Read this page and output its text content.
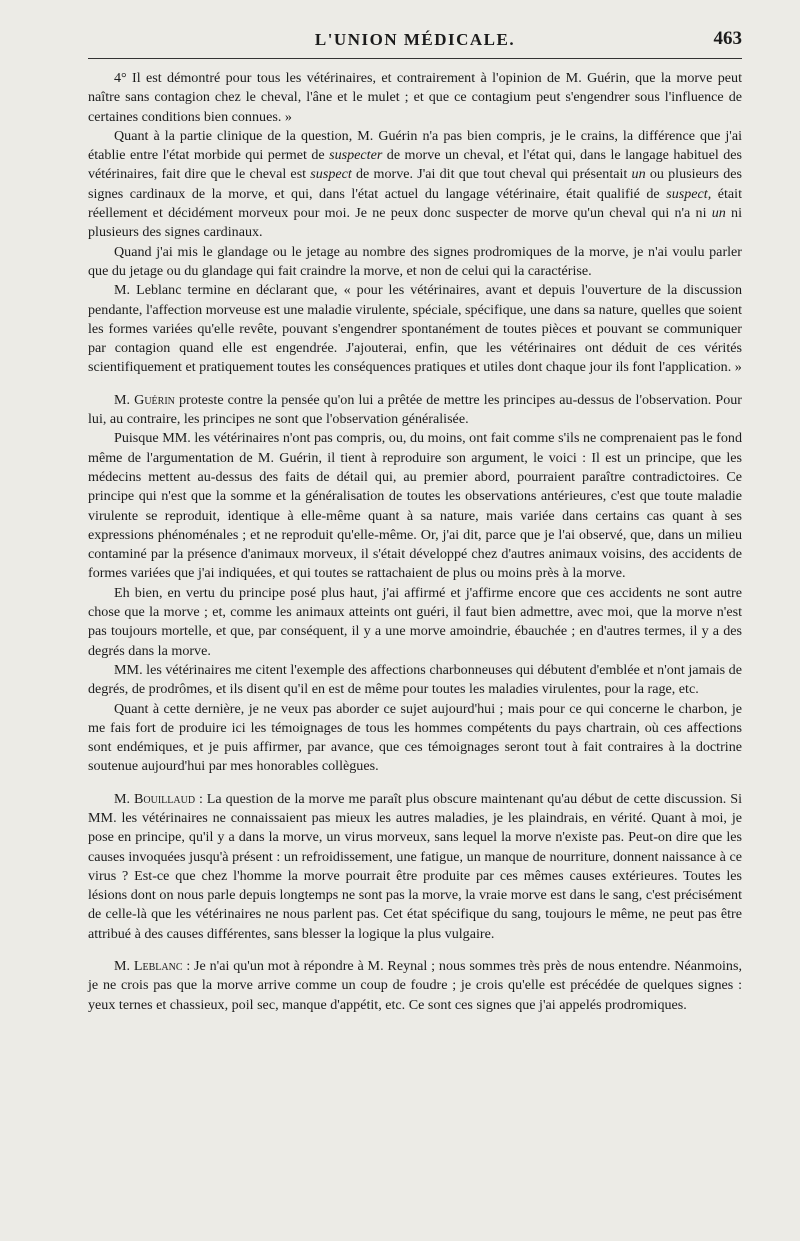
L'UNION MÉDICALE.	463

4° Il est démontré pour tous les vétérinaires, et contrairement à l'opinion de M. Guérin, que la morve peut naître sans contagion chez le cheval, l'âne et le mulet ; et que ce contagium peut s'engendrer sous l'influence de certaines conditions bien connues. »

Quant à la partie clinique de la question, M. Guérin n'a pas bien compris, je le crains, la différence que j'ai établie entre l'état morbide qui permet de suspecter de morve un cheval, et l'état qui, dans le langage habituel des vétérinaires, fait dire que le cheval est suspect de morve. J'ai dit que tout cheval qui présentait un ou plusieurs des signes cardinaux de la morve, et qui, dans l'état actuel du langage vétérinaire, était qualifié de suspect, était réellement et décidément morveux pour moi. Je ne peux donc suspecter de morve qu'un cheval qui n'a ni un ni plusieurs des signes cardinaux.

Quand j'ai mis le glandage ou le jetage au nombre des signes prodromiques de la morve, je n'ai voulu parler que du jetage ou du glandage qui fait craindre la morve, et non de celui qui la caractérise.

M. Leblanc termine en déclarant que, « pour les vétérinaires, avant et depuis l'ouverture de la discussion pendante, l'affection morveuse est une maladie virulente, spéciale, spécifique, une dans sa nature, quelles que soient les formes variées qu'elle revête, pouvant s'engendrer spontanément de toutes pièces et pouvant se communiquer par contagion quand elle est engendrée. J'ajouterai, enfin, que les vétérinaires ont déduit de ces vérités scientifiquement et pratiquement toutes les conséquences pratiques et utiles dont chaque jour ils font l'application. »

M. Guérin proteste contre la pensée qu'on lui a prêtée de mettre les principes au-dessus de l'observation. Pour lui, au contraire, les principes ne sont que l'observation généralisée.

Puisque MM. les vétérinaires n'ont pas compris, ou, du moins, ont fait comme s'ils ne comprenaient pas le fond même de l'argumentation de M. Guérin, il tient à reproduire son argument, le voici : Il est un principe, que les médecins mettent au-dessus des faits de détail qui, au premier abord, pourraient paraître contradictoires. Ce principe qui n'est que la somme et la généralisation de toutes les observations antérieures, c'est que toute maladie virulente se reproduit, identique à elle-même quant à sa nature, mais variée dans certains cas quant à ses expressions phénoménales ; et ne reproduit qu'elle-même. Or, j'ai dit, parce que je l'ai observé, que, dans un milieu contaminé par la présence d'animaux morveux, il s'était développé chez d'autres animaux voisins, des accidents de formes variées que j'ai indiquées, et qui toutes se rattachaient de plus ou moins près à la morve.

Eh bien, en vertu du principe posé plus haut, j'ai affirmé et j'affirme encore que ces accidents ne sont autre chose que la morve ; et, comme les animaux atteints ont guéri, il faut bien admettre, avec moi, que la morve n'est pas toujours mortelle, et que, par conséquent, il y a une morve amoindrie, ébauchée ; en d'autres termes, il y a des degrés dans la morve.

MM. les vétérinaires me citent l'exemple des affections charbonneuses qui débutent d'emblée et n'ont jamais de degrés, de prodrômes, et ils disent qu'il en est de même pour toutes les maladies virulentes, pour la rage, etc.

Quant à cette dernière, je ne veux pas aborder ce sujet aujourd'hui ; mais pour ce qui concerne le charbon, je me fais fort de produire ici les témoignages de tous les hommes compétents du pays chartrain, où ces affections sont endémiques, et je puis affirmer, par avance, que ces témoignages seront tout à fait contraires à la doctrine soutenue aujourd'hui par mes honorables collègues.

M. Bouillaud : La question de la morve me paraît plus obscure maintenant qu'au début de cette discussion. Si MM. les vétérinaires ne connaissaient pas mieux les autres maladies, je les plaindrais, en vérité. Quant à moi, je pose en principe, qu'il y a dans la morve, un virus morveux, sans lequel la morve n'existe pas. Peut-on dire que les causes invoquées jusqu'à présent : un refroidissement, une fatigue, un manque de nourriture, donnent naissance à ce virus ? Est-ce que chez l'homme la morve pourrait être produite par ces mêmes causes extérieures. Toutes les lésions dont on nous parle depuis longtemps ne sont pas la morve, la vraie morve est dans le sang, c'est précisément de celle-là que les vétérinaires ne nous parlent pas. Cet état spécifique du sang, toujours le même, ne peut pas être attribué à des causes différentes, sans blesser la logique la plus vulgaire.

M. Leblanc : Je n'ai qu'un mot à répondre à M. Reynal ; nous sommes très près de nous entendre. Néanmoins, je ne crois pas que la morve arrive comme un coup de foudre ; je crois qu'elle est précédée de quelques signes : yeux ternes et chassieux, poil sec, manque d'appétit, etc. Ce sont ces signes que j'ai appelés prodromiques.
